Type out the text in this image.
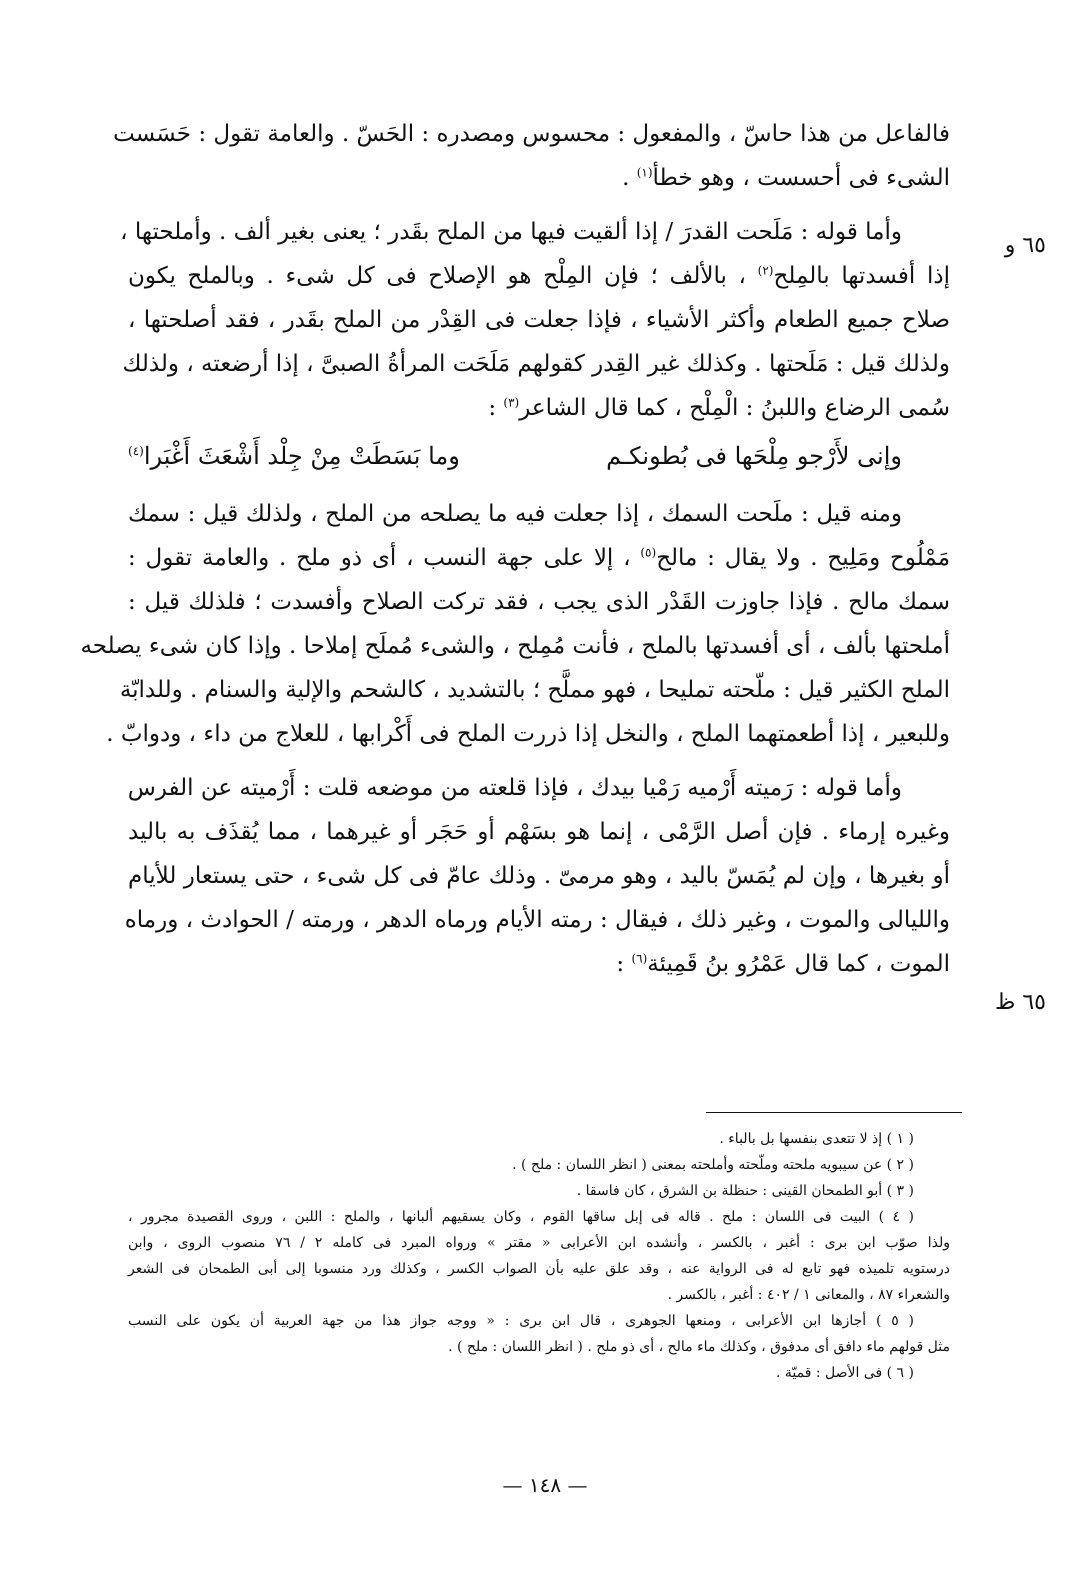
٦٥ و
٦٥ ظ
فالفاعل من هذا حاسّ ، والمفعول : محسوس ومصدره : الحَسّ . والعامة تقول : حَسَست
الشىء فى أحسست ، وهو خطأ$^{(١)}$ .
وأما قوله : مَلَحت القدرَ / إذا ألقيت فيها من الملح بقَدر ؛ يعنى بغير ألف . وأملحتها ،
إذا أفسدتها بالمِلح$^{(٢)}$ ، بالألف ؛ فإن المِلْح هو الإصلاح فى كل شىء . وبالملح يكون
صلاح جميع الطعام وأكثر الأشياء ، فإذا جعلت فى القِدْر من الملح بقَدر ، فقد أصلحتها ،
ولذلك قيل : مَلَحتها . وكذلك غير القِدر كقولهم مَلَحَت المرأةُ الصبىَّ ، إذا أرضعته ، ولذلك
سُمى الرضاع واللبنُ : الْمِلْح ، كما قال الشاعر$^{(٣)}$ :
وإنى لأَرْجو مِلْحَها فى بُطونكـم
وما بَسَطَتْ مِنْ جِلْد أَشْعَثَ أَغْبَرا$^{(٤)}$
ومنه قيل : ملَحت السمك ، إذا جعلت فيه ما يصلحه من الملح ، ولذلك قيل : سمك
مَمْلُوح ومَلِيح . ولا يقال : مالح$^{(٥)}$ ، إلا على جهة النسب ، أى ذو ملح . والعامة تقول :
سمك مالح . فإذا جاوزت القَدْر الذى يجب ، فقد تركت الصلاح وأفسدت ؛ فلذلك قيل :
أملحتها بألف ، أى أفسدتها بالملح ، فأنت مُمِلح ، والشىء مُملَح إملاحا . وإذا كان شىء يصلحه
الملح الكثير قيل : ملّحته تمليحا ، فهو مملَّح ؛ بالتشديد ، كالشحم والإلية والسنام . وللدابّة
وللبعير ، إذا أطعمتهما الملح ، والنخل إذا ذررت الملح فى أَكْرابها ، للعلاج من داء ، ودوابّ .
وأما قوله : رَميته أَرْميه رَمْيا بيدك ، فإذا قلعته من موضعه قلت : أَرْميته عن الفرس
وغيره إرماء . فإن أصل الرَّمْى ، إنما هو بسَهْم أو حَجَر أو غيرهما ، مما يُقذَف به باليد
أو بغيرها ، وإن لم يُمَسّ باليد ، وهو مرمىّ . وذلك عامّ فى كل شىء ، حتى يستعار للأيام
والليالى والموت ، وغير ذلك ، فيقال : رمته الأيام ورماه الدهر ، ورمته / الحوادث ، ورماه
الموت ، كما قال عَمْرُو بنُ قَمِيئة$^{(٦)}$ :
( ١ ) إذ لا تتعدى بنفسها بل بالباء .
( ٢ ) عن سيبويه ملحته وملّحته وأملحته بمعنى ( انظر اللسان : ملح ) .
( ٣ ) أبو الطمحان القينى : حنظلة بن الشرق ، كان فاسقا .
( ٤ ) البيت فى اللسان : ملح . قاله فى إبل ساقها القوم ، وكان يسقيهم ألبانها ، والملح : اللبن ، وروى القصيدة مجرور ،
ولذا صوّب ابن برى : أغبر ، بالكسر ، وأنشده ابن الأعرابى « مقتر » ورواه المبرد فى كامله ٢ / ٧٦ منصوب الروى ، وابن
درستويه تلميذه فهو تابع له فى الرواية عنه ، وقد علق عليه بأن الصواب الكسر ، وكذلك ورد منسوبا إلى أبى الطمحان فى الشعر
والشعراء ٨٧ ، والمعانى ١ / ٤٠٢ : أغبر ، بالكسر .
( ٥ ) أجازها ابن الأعرابى ، ومنعها الجوهرى ، قال ابن برى : « ووجه جواز هذا من جهة العربية أن يكون على النسب
مثل قولهم ماء دافق أى مدفوق ، وكذلك ماء مالح ، أى ذو ملح . ( انظر اللسان : ملح ) .
( ٦ ) فى الأصل : قميّة .
— ١٤٨ —
